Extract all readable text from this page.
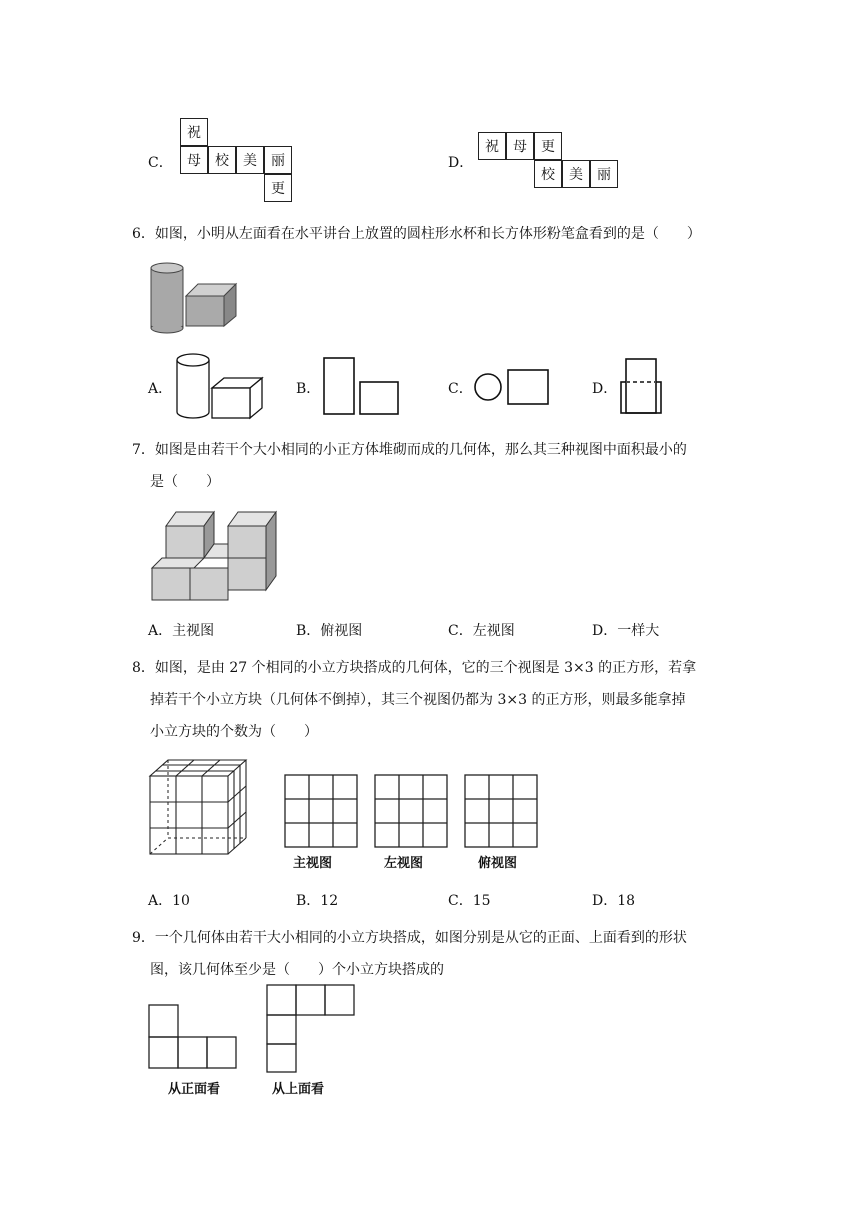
C．
祝
母	校	美	丽
更
D．
祝	母	更
校	美	丽
6．如图，小明从左面看在水平讲台上放置的圆柱形水杯和长方体形粉笔盒看到的是（　　）
A．	B．	C．	D．
7．如图是由若干个大小相同的小正方体堆砌而成的几何体，那么其三种视图中面积最小的
是（　　）
A．主视图	B．俯视图	C．左视图	D．一样大
8．如图，是由 27 个相同的小立方块搭成的几何体，它的三个视图是 3×3 的正方形，若拿
掉若干个小立方块（几何体不倒掉），其三个视图仍都为 3×3 的正方形，则最多能拿掉
小立方块的个数为（　　）
主视图	左视图	俯视图
A．10	B．12	C．15	D．18
9．一个几何体由若干大小相同的小立方块搭成，如图分别是从它的正面、上面看到的形状
图，该几何体至少是（　　）个小立方块搭成的
从正面看	从上面看
